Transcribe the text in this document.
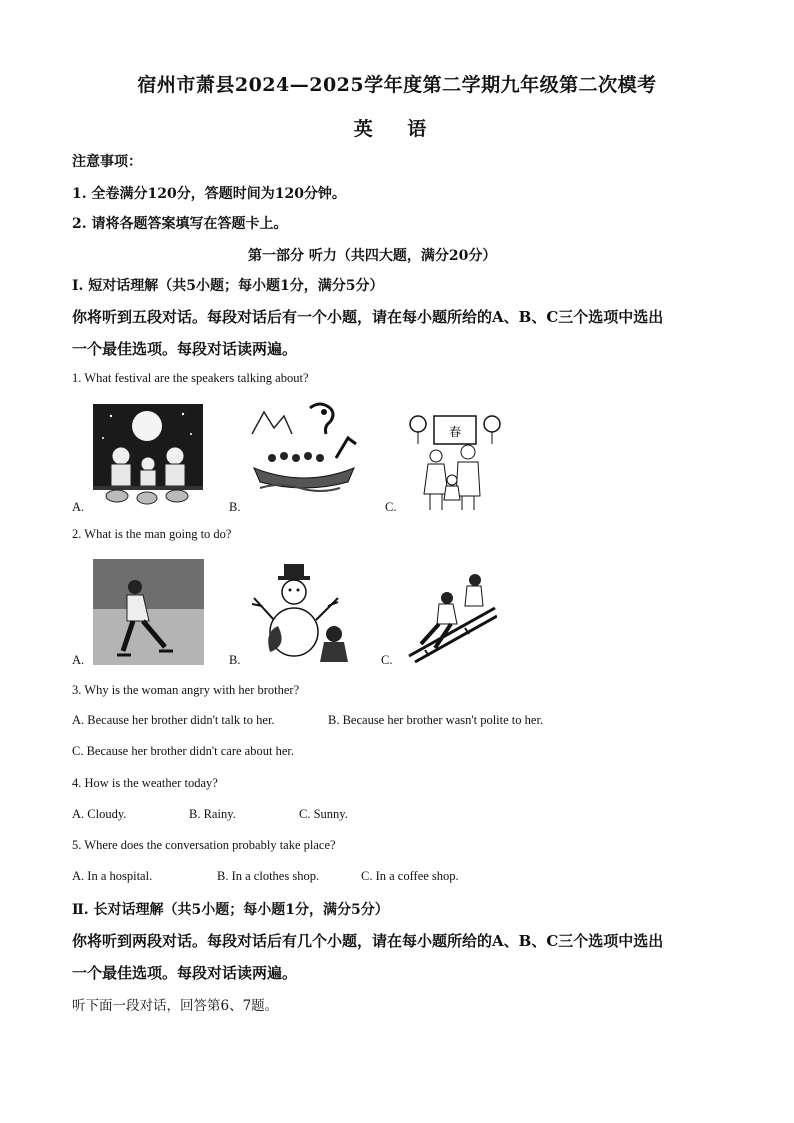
宿州市萧县2024—2025学年度第二学期九年级第二次模考
英 语
注意事项：
1. 全卷满分120分，答题时间为120分钟。
2. 请将各题答案填写在答题卡上。
第一部分 听力（共四大题，满分20分）
Ⅰ. 短对话理解（共5小题；每小题1分，满分5分）
你将听到五段对话。每段对话后有一个小题，请在每小题所给的A、B、C三个选项中选出
一个最佳选项。每段对话读两遍。
1. What festival are the speakers talking about?
A.	B.	C.
春
2. What is the man going to do?
A.	B.	C.
3. Why is the woman angry with her brother?
A. Because her brother didn't talk to her.	B. Because her brother wasn't polite to her.
C. Because her brother didn't care about her.
4. How is the weather today?
A. Cloudy.	B. Rainy.	C. Sunny.
5. Where does the conversation probably take place?
A. In a hospital.	B. In a clothes shop.	C. In a coffee shop.
Ⅱ. 长对话理解（共5小题；每小题1分，满分5分）
你将听到两段对话。每段对话后有几个小题，请在每小题所给的A、B、C三个选项中选出
一个最佳选项。每段对话读两遍。
听下面一段对话，回答第6、7题。
